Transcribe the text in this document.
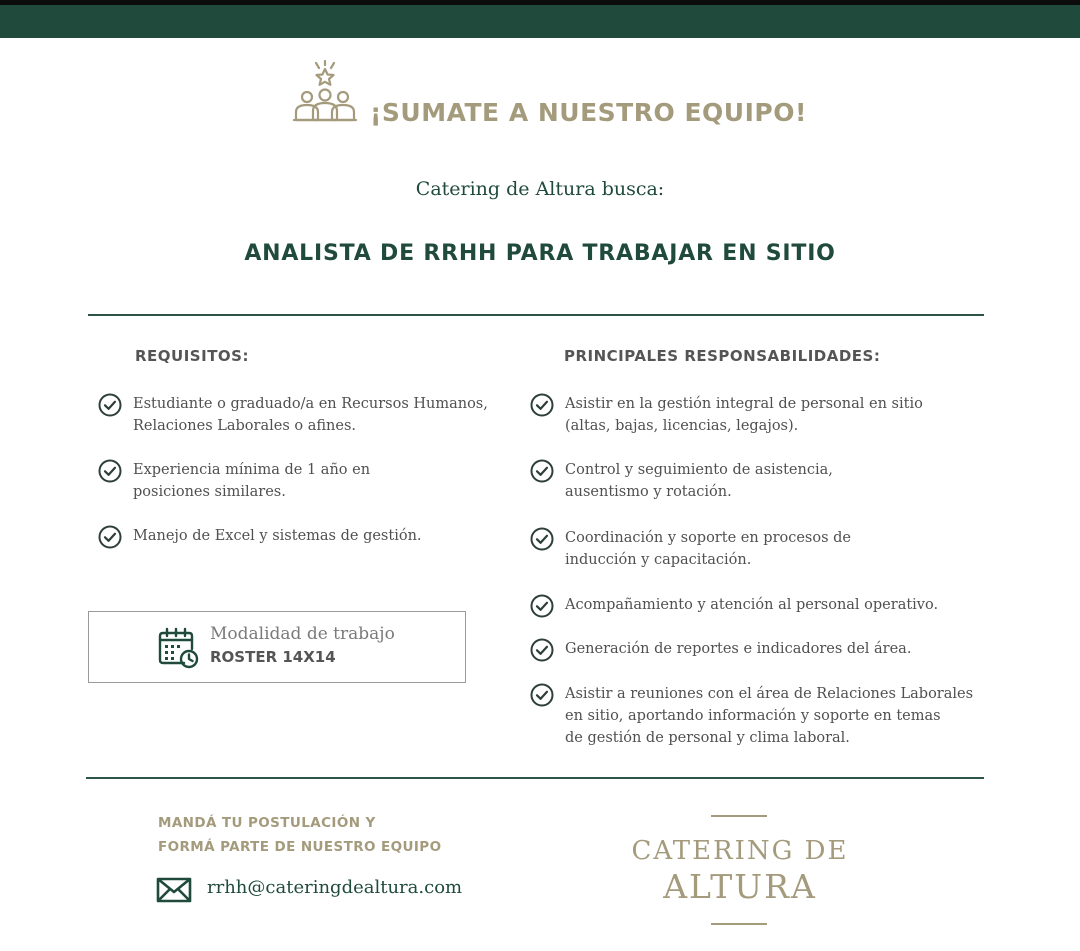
¡SUMATE A NUESTRO EQUIPO!
Catering de Altura busca:
ANALISTA DE RRHH PARA TRABAJAR EN SITIO
REQUISITOS:
Estudiante o graduado/a en Recursos Humanos,
Relaciones Laborales o afines.
Experiencia mínima de 1 año en
posiciones similares.
Manejo de Excel y sistemas de gestión.
Modalidad de trabajo
ROSTER 14X14
PRINCIPALES RESPONSABILIDADES:
Asistir en la gestión integral de personal en sitio
(altas, bajas, licencias, legajos).
Control y seguimiento de asistencia,
ausentismo y rotación.
Coordinación y soporte en procesos de
inducción y capacitación.
Acompañamiento y atención al personal operativo.
Generación de reportes e indicadores del área.
Asistir a reuniones con el área de Relaciones Laborales
en sitio, aportando información y soporte en temas
de gestión de personal y clima laboral.
MANDÁ TU POSTULACIÓN Y
FORMÁ PARTE DE NUESTRO EQUIPO
rrhh@cateringdealtura.com
CATERING DE
ALTURA
